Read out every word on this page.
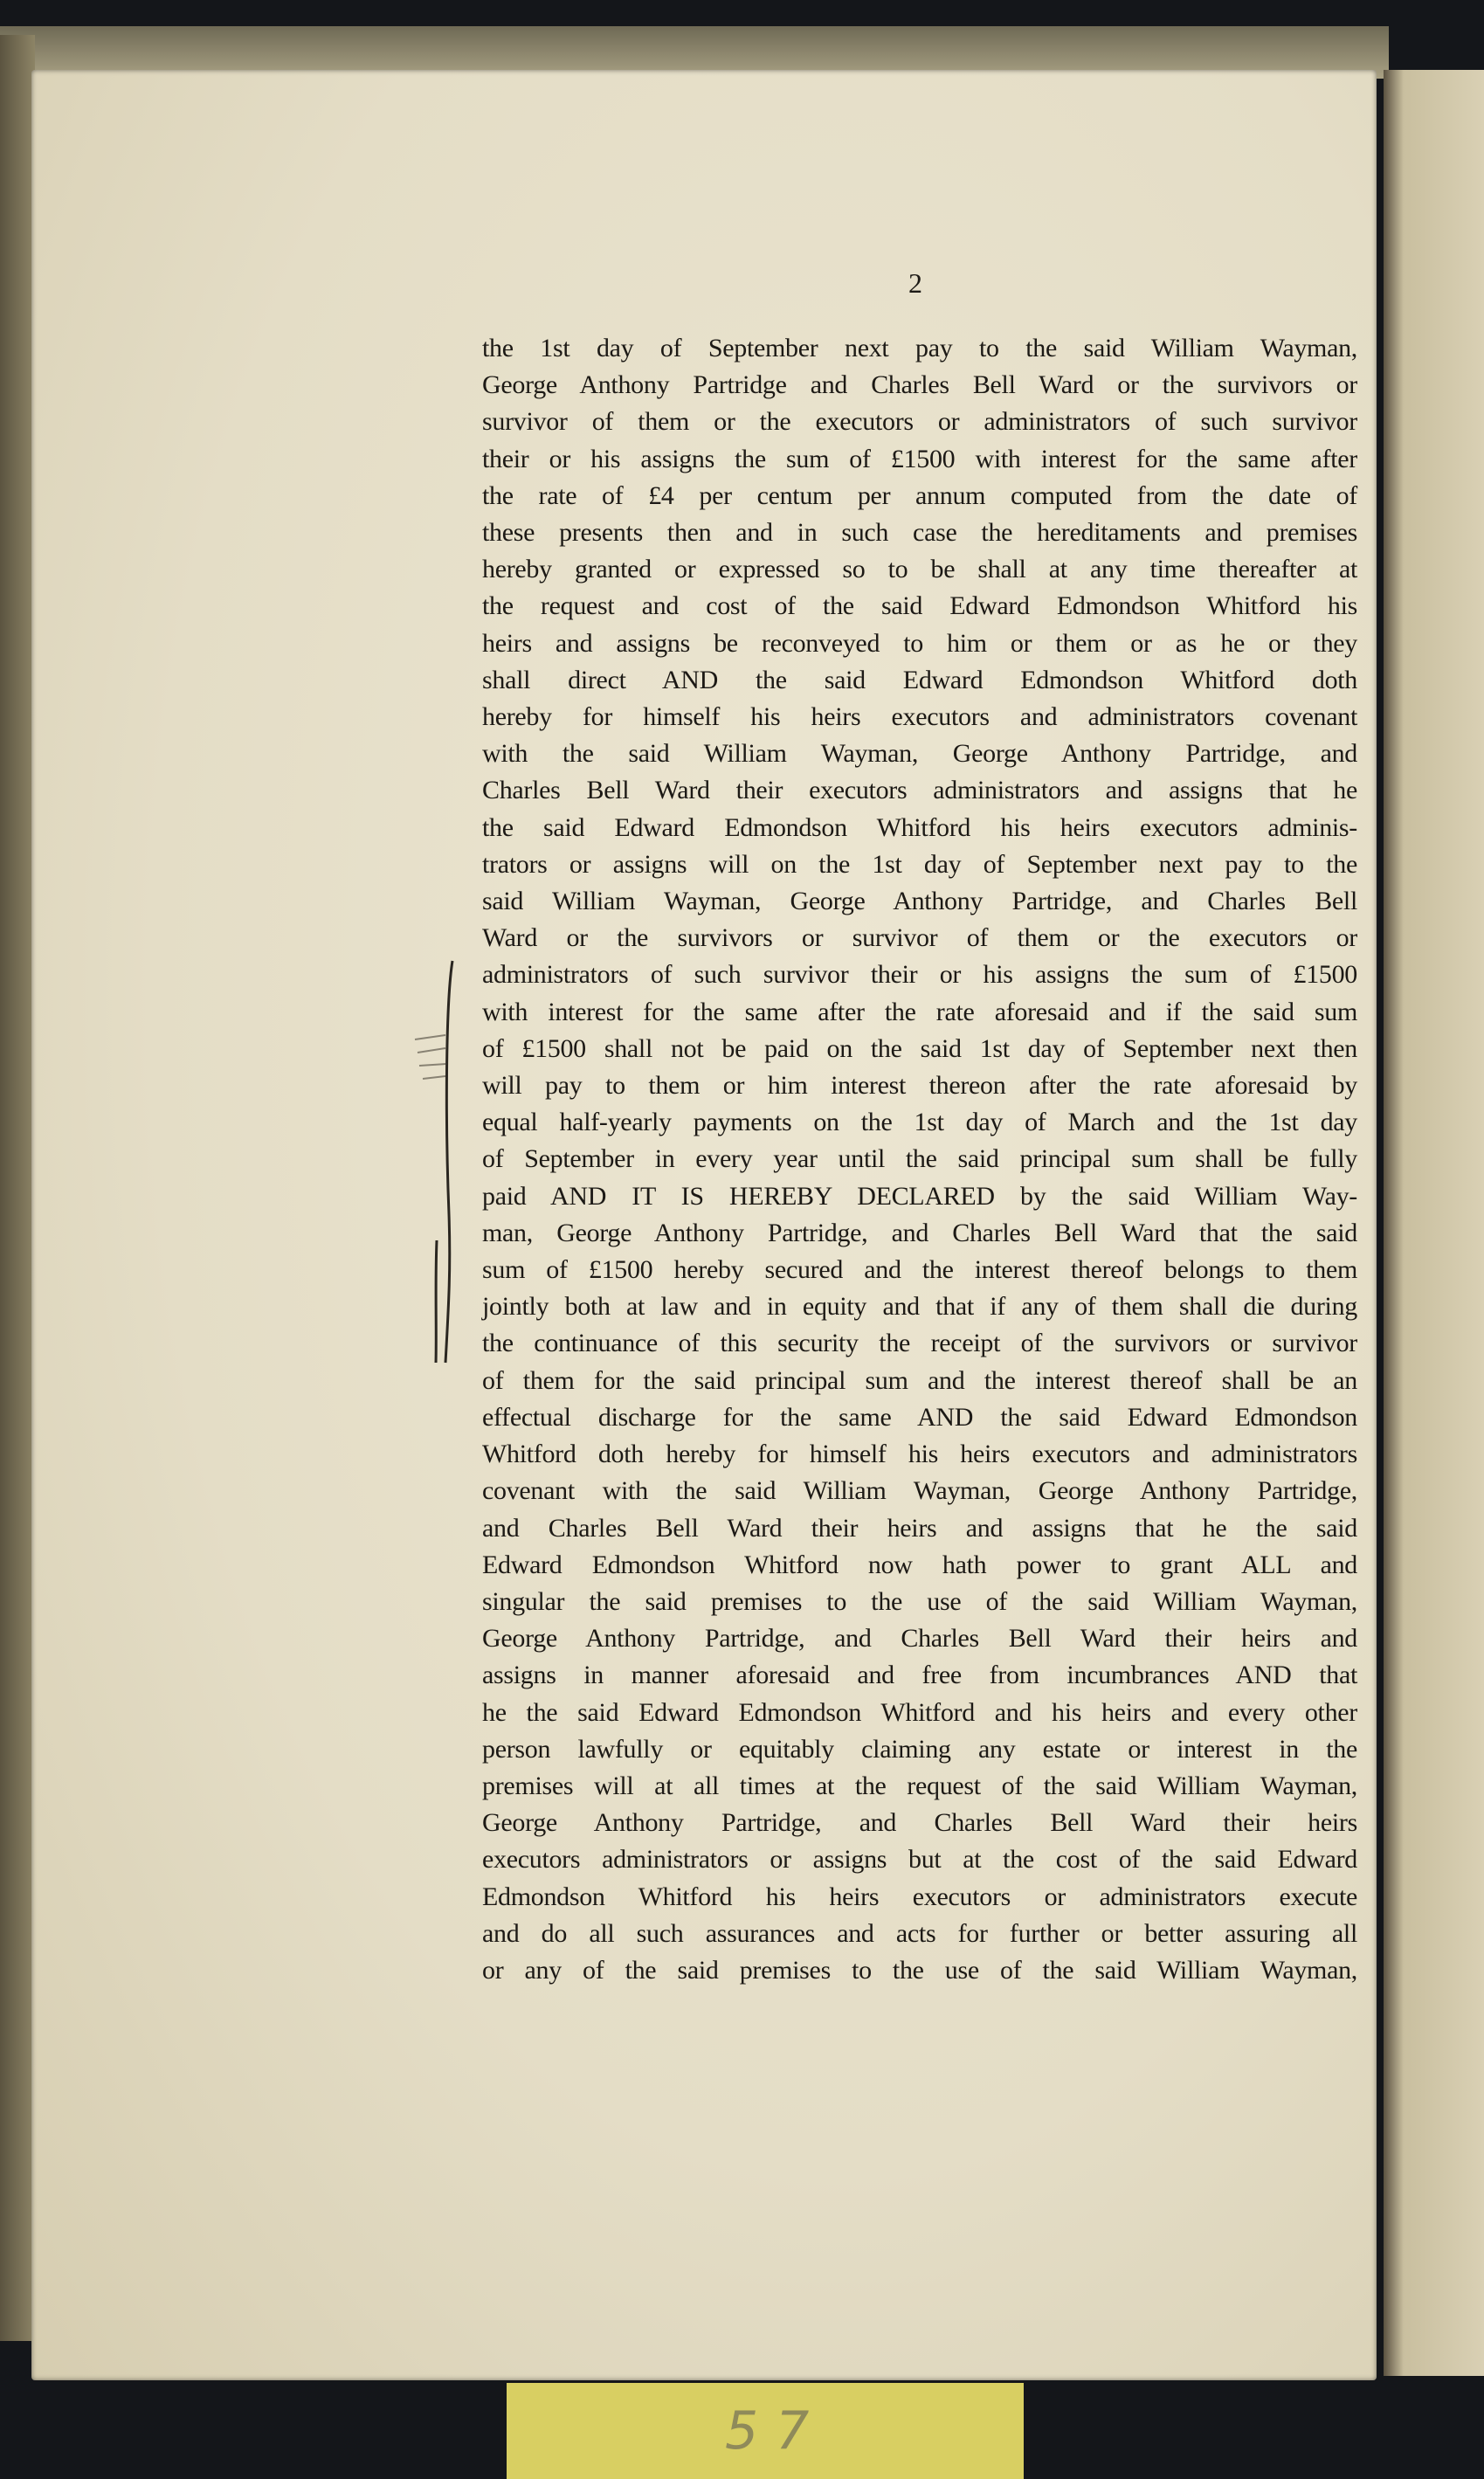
2
the 1st day of September next pay to the said William Wayman,
George Anthony Partridge and Charles Bell Ward or the survivors or
survivor of them or the executors or administrators of such survivor
their or his assigns the sum of £1500 with interest for the same after
the rate of £4 per centum per annum computed from the date of
these presents then and in such case the hereditaments and premises
hereby granted or expressed so to be shall at any time thereafter at
the request and cost of the said Edward Edmondson Whitford his
heirs and assigns be reconveyed to him or them or as he or they
shall direct AND the said Edward Edmondson Whitford doth
hereby for himself his heirs executors and administrators covenant
with the said William Wayman, George Anthony Partridge, and
Charles Bell Ward their executors administrators and assigns that he
the said Edward Edmondson Whitford his heirs executors adminis-
trators or assigns will on the 1st day of September next pay to the
said William Wayman, George Anthony Partridge, and Charles Bell
Ward or the survivors or survivor of them or the executors or
administrators of such survivor their or his assigns the sum of £1500
with interest for the same after the rate aforesaid and if the said sum
of £1500 shall not be paid on the said 1st day of September next then
will pay to them or him interest thereon after the rate aforesaid by
equal half-yearly payments on the 1st day of March and the 1st day
of September in every year until the said principal sum shall be fully
paid AND IT IS HEREBY DECLARED by the said William Way-
man, George Anthony Partridge, and Charles Bell Ward that the said
sum of £1500 hereby secured and the interest thereof belongs to them
jointly both at law and in equity and that if any of them shall die during
the continuance of this security the receipt of the survivors or survivor
of them for the said principal sum and the interest thereof shall be an
effectual discharge for the same AND the said Edward Edmondson
Whitford doth hereby for himself his heirs executors and administrators
covenant with the said William Wayman, George Anthony Partridge,
and Charles Bell Ward their heirs and assigns that he the said
Edward Edmondson Whitford now hath power to grant ALL and
singular the said premises to the use of the said William Wayman,
George Anthony Partridge, and Charles Bell Ward their heirs and
assigns in manner aforesaid and free from incumbrances AND that
he the said Edward Edmondson Whitford and his heirs and every other
person lawfully or equitably claiming any estate or interest in the
premises will at all times at the request of the said William Wayman,
George Anthony Partridge, and Charles Bell Ward their heirs
executors administrators or assigns but at the cost of the said Edward
Edmondson Whitford his heirs executors or administrators execute
and do all such assurances and acts for further or better assuring all
or any of the said premises to the use of the said William Wayman,
57
